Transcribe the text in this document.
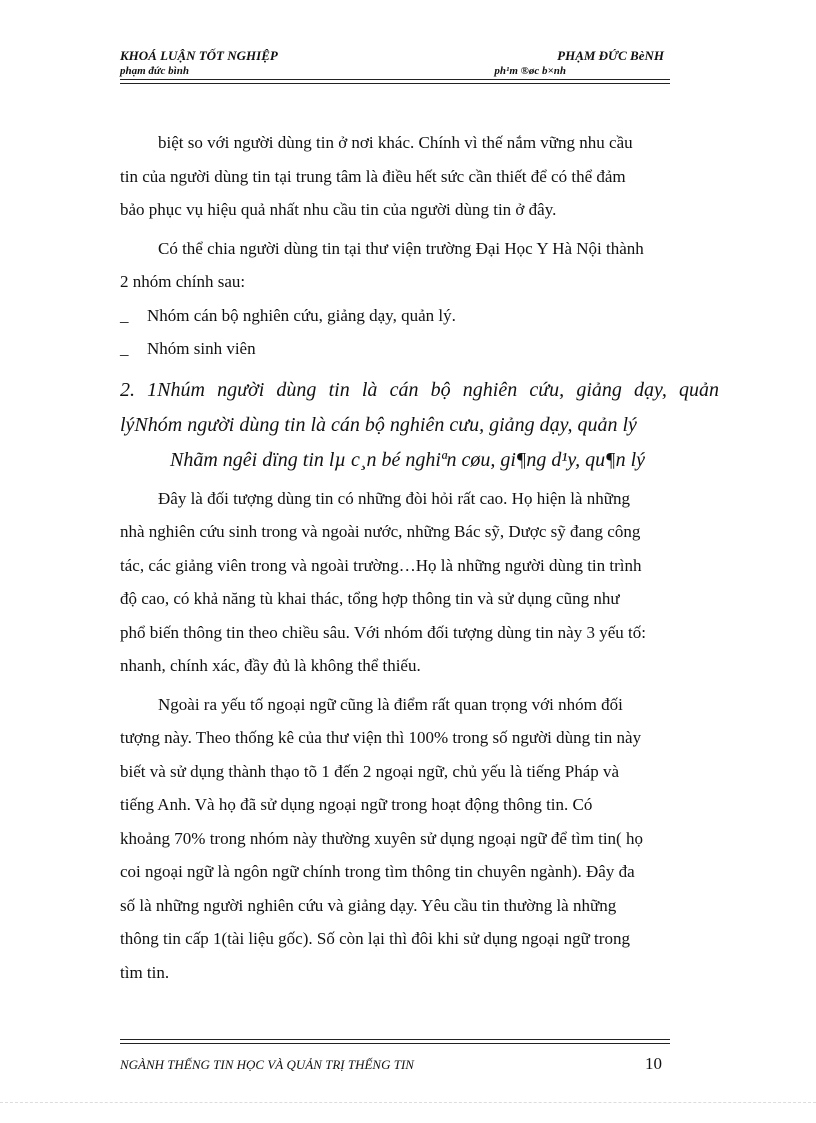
KHOÁ LUẬN TỐT NGHIỆP	PHẠM ĐỨC BèNH
phạm đức bình	ph¹m ®øc b×nh

biệt so với người dùng tin ở nơi khác. Chính vì thế nắm vững nhu cầu

tin của người dùng tin tại trung tâm là điều hết sức cần thiết để có thể đảm

bảo phục vụ hiệu quả nhất nhu cầu tin của người dùng tin ở đây.

Có thể chia người dùng tin tại thư viện trường Đại Học Y Hà Nội thành

2 nhóm chính sau:

_	Nhóm cán bộ nghiên cứu, giảng dạy, quản lý.
_	Nhóm sinh viên

2. 1Nhúm người dùng tin là cán bộ nghiên cứu, giảng dạy, quản

lýNhóm người dùng tin là cán bộ nghiên cưu, giảng dạy, quản lý

Nhãm ngêi dïng tin lµ c¸n bé nghiªn cøu, gi¶ng d¹y, qu¶n lý

Đây là đối tượng dùng tin có những đòi hỏi rất cao. Họ hiện là những

nhà nghiên cứu sinh trong và ngoài nước, những Bác sỹ, Dược sỹ đang công

tác, các giảng viên trong và ngoài trường…Họ là những người dùng tin trình

độ cao, có khả năng tù khai thác, tổng hợp thông tin và sử dụng cũng như

phổ biến thông tin theo chiều sâu. Với nhóm đối tượng dùng tin này 3 yếu tố:

nhanh, chính xác, đầy đủ là không thể thiếu.

Ngoài ra yếu tố ngoại ngữ cũng là điểm rất quan trọng với nhóm đối

tượng này. Theo thống kê của thư viện thì 100% trong số người dùng tin này

biết và sử dụng thành thạo tõ 1 đến 2 ngoại ngữ, chủ yếu là tiếng Pháp và

tiếng Anh. Và họ đã sử dụng ngoại ngữ trong hoạt động thông tin. Có

khoảng 70% trong nhóm này thường xuyên sử dụng ngoại ngữ để tìm tin( họ

coi ngoại ngữ là ngôn ngữ chính trong tìm thông tin chuyên ngành). Đây đa

số là những người nghiên cứu và giảng dạy. Yêu cầu tin thường là những

thông tin cấp 1(tài liệu gốc). Số còn lại thì đôi khi sử dụng ngoại ngữ trong

tìm tin.

NGÀNH THẾNG TIN HỌC VÀ QUẢN TRỊ THẾNG TIN	10
